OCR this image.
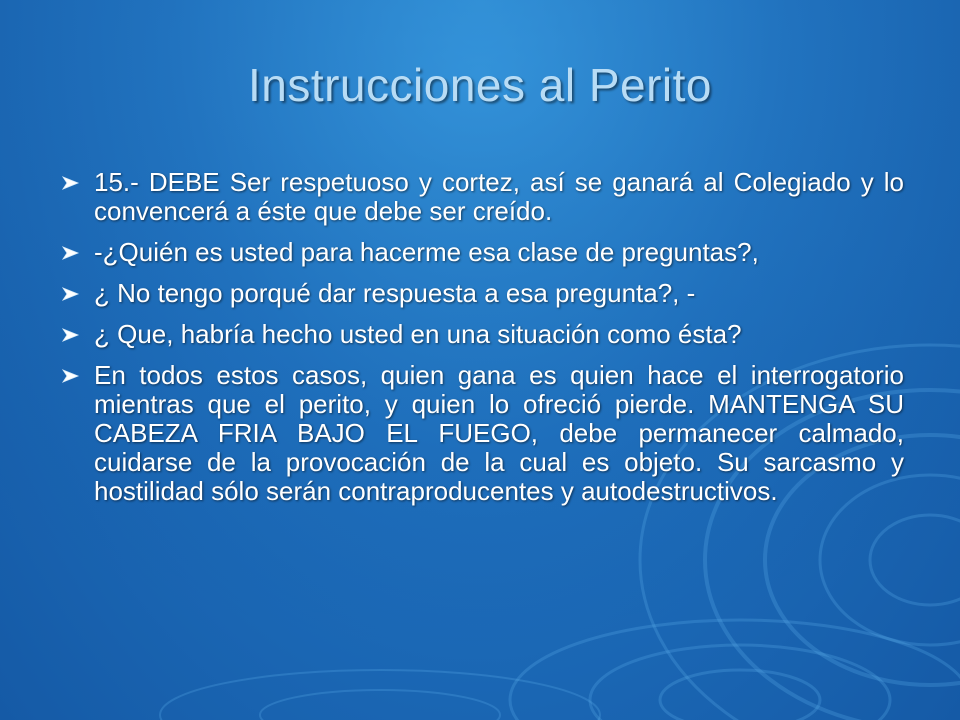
Instrucciones al Perito
15.- DEBE Ser respetuoso y cortez, así se ganará al Colegiado y lo convencerá a éste que debe ser creído.
-¿Quién es usted para hacerme esa clase de preguntas?,
¿ No tengo porqué dar respuesta a esa pregunta?, -
¿ Que, habría hecho usted en una situación como ésta?
En todos estos casos, quien gana es quien hace el interrogatorio mientras que el perito, y quien lo ofreció pierde. MANTENGA SU CABEZA FRIA BAJO EL FUEGO, debe permanecer calmado, cuidarse de la provocación de la cual es objeto. Su sarcasmo y hostilidad sólo serán contraproducentes y autodestructivos.
